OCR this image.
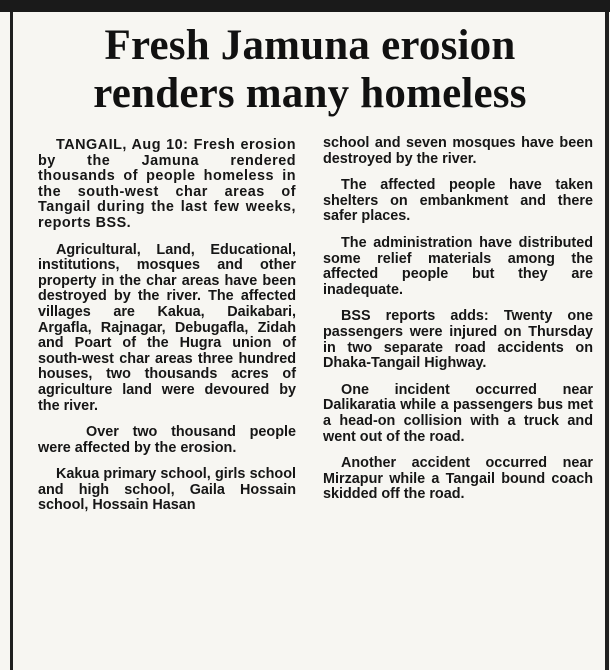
Fresh Jamuna erosion
renders many homeless

TANGAIL, Aug 10: Fresh erosion by the Jamuna rendered thousands of people homeless in the south-west char areas of Tangail during the last few weeks, reports BSS.

Agricultural, Land, Educational, institutions, mosques and other property in the char areas have been destroyed by the river. The affected villages are Kakua, Daikabari, Argafla, Rajnagar, Debugafla, Zidah and Poart of the Hugra union of south-west char areas three hundred houses, two thousands acres of agriculture land were devoured by the river.

Over two thousand people were affected by the erosion.

Kakua primary school, girls school and high school, Gaila Hossain school, Hossain Hasan

school and seven mosques have been destroyed by the river.

The affected people have taken shelters on embankment and there safer places.

The administration have distributed some relief materials among the affected people but they are inadequate.

BSS reports adds: Twenty one passengers were injured on Thursday in two separate road accidents on Dhaka-Tangail Highway.

One incident occurred near Dalikaratia while a passengers bus met a head-on collision with a truck and went out of the road.

Another accident occurred near Mirzapur while a Tangail bound coach skidded off the road.
